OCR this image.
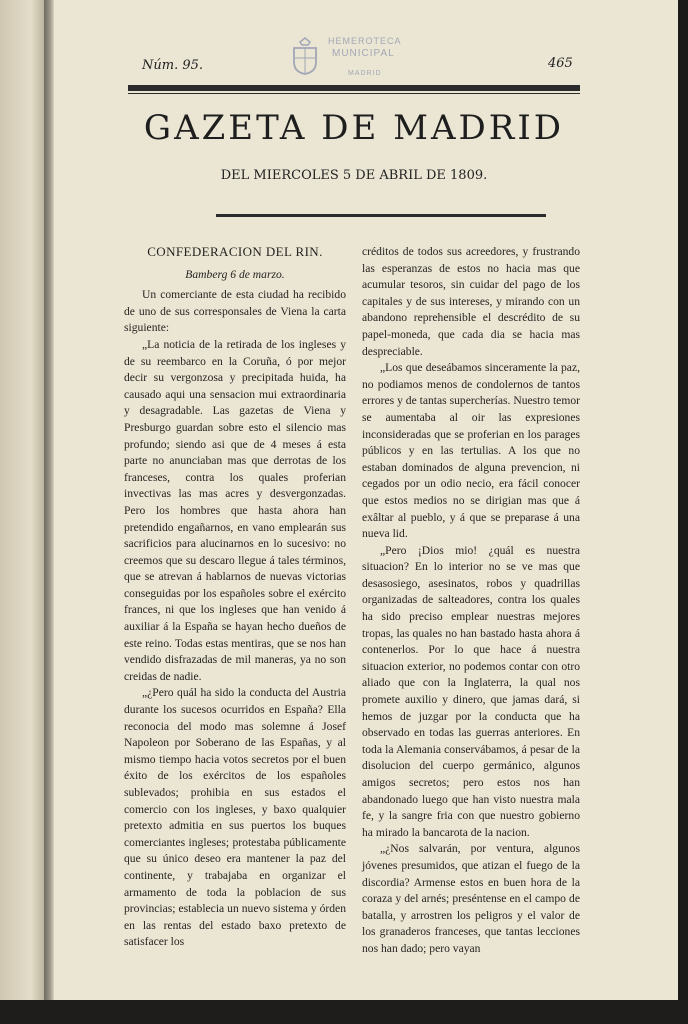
HEMEROTECA
MUNICIPAL
MADRID
Núm. 95.	465
GAZETA DE MADRID
DEL MIERCOLES 5 DE ABRIL DE 1809.
CONFEDERACION DEL RIN.
Bamberg 6 de marzo.

Un comerciante de esta ciudad ha recibido de uno de sus corresponsales de Viena la carta siguiente:

„La noticia de la retirada de los ingleses y de su reembarco en la Coruña, ó por mejor decir su vergonzosa y precipitada huida, ha causado aqui una sensacion mui extraordinaria y desagradable. Las gazetas de Viena y Presburgo guardan sobre esto el silencio mas profundo; siendo asi que de 4 meses á esta parte no anunciaban mas que derrotas de los franceses, contra los quales proferian invectivas las mas acres y desvergonzadas. Pero los hombres que hasta ahora han pretendido engañarnos, en vano emplearán sus sacrificios para alucinarnos en lo sucesivo: no creemos que su descaro llegue á tales términos, que se atrevan á hablarnos de nuevas victorias conseguidas por los españoles sobre el exército frances, ni que los ingleses que han venido á auxiliar á la España se hayan hecho dueños de este reino. Todas estas mentiras, que se nos han vendido disfrazadas de mil maneras, ya no son creidas de nadie.

„¿Pero quál ha sido la conducta del Austria durante los sucesos ocurridos en España? Ella reconocia del modo mas solemne á Josef Napoleon por Soberano de las Españas, y al mismo tiempo hacia votos secretos por el buen éxito de los exércitos de los españoles sublevados; prohibia en sus estados el comercio con los ingleses, y baxo qualquier pretexto admitia en sus puertos los buques comerciantes ingleses; protestaba públicamente que su único deseo era mantener la paz del continente, y trabajaba en organizar el armamento de toda la poblacion de sus provincias; establecia un nuevo sistema y órden en las rentas del estado baxo pretexto de satisfacer los

créditos de todos sus acreedores, y frustrando las esperanzas de estos no hacia mas que acumular tesoros, sin cuidar del pago de los capitales y de sus intereses, y mirando con un abandono reprehensible el descrédito de su papel-moneda, que cada dia se hacia mas despreciable.

„Los que deseábamos sinceramente la paz, no podiamos menos de condolernos de tantos errores y de tantas supercherías. Nuestro temor se aumentaba al oir las expresiones inconsideradas que se proferian en los parages públicos y en las tertulias. A los que no estaban dominados de alguna prevencion, ni cegados por un odio necio, era fácil conocer que estos medios no se dirigian mas que á exâltar al pueblo, y á que se preparase á una nueva lid.

„Pero ¡Dios mio! ¿quál es nuestra situacion? En lo interior no se ve mas que desasosiego, asesinatos, robos y quadrillas organizadas de salteadores, contra los quales ha sido preciso emplear nuestras mejores tropas, las quales no han bastado hasta ahora á contenerlos. Por lo que hace á nuestra situacion exterior, no podemos contar con otro aliado que con la Inglaterra, la qual nos promete auxilio y dinero, que jamas dará, si hemos de juzgar por la conducta que ha observado en todas las guerras anteriores. En toda la Alemania conservábamos, á pesar de la disolucion del cuerpo germánico, algunos amigos secretos; pero estos nos han abandonado luego que han visto nuestra mala fe, y la sangre fria con que nuestro gobierno ha mirado la bancarota de la nacion.

„¿Nos salvarán, por ventura, algunos jóvenes presumidos, que atizan el fuego de la discordia? Armense estos en buen hora de la coraza y del arnés; preséntense en el campo de batalla, y arrostren los peligros y el valor de los granaderos franceses, que tantas lecciones nos han dado; pero vayan
